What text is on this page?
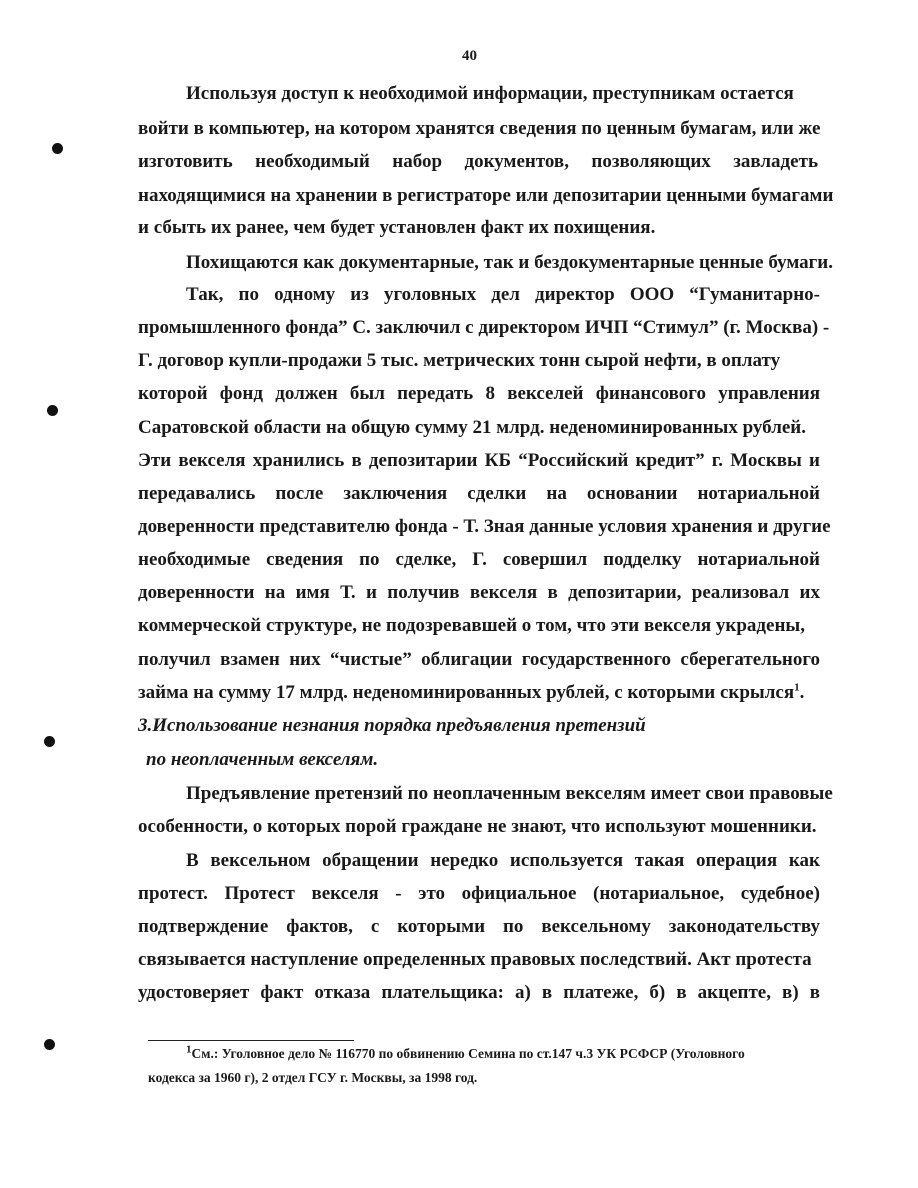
40
Используя доступ к необходимой информации, преступникам остается
войти в компьютер, на котором хранятся сведения по ценным бумагам, или же
изготовить необходимый набор документов, позволяющих завладеть
находящимися на хранении в регистраторе или депозитарии ценными бумагами
и сбыть их ранее, чем будет установлен факт их похищения.
Похищаются как документарные, так и бездокументарные ценные бумаги.
Так, по одному из уголовных дел директор ООО “Гуманитарно-
промышленного фонда” С. заключил с директором ИЧП “Стимул” (г. Москва) -
Г. договор купли-продажи 5 тыс. метрических тонн сырой нефти, в оплату
которой фонд должен был передать 8 векселей финансового управления
Саратовской области на общую сумму 21 млрд. неденоминированных рублей.
Эти векселя хранились в депозитарии КБ “Российский кредит” г. Москвы и
передавались после заключения сделки на основании нотариальной
доверенности представителю фонда - Т. Зная данные условия хранения и другие
необходимые сведения по сделке, Г. совершил подделку нотариальной
доверенности на имя Т. и получив векселя в депозитарии, реализовал их
коммерческой структуре, не подозревавшей о том, что эти векселя украдены,
получил взамен них “чистые” облигации государственного сберегательного
займа на сумму 17 млрд. неденоминированных рублей, с которыми скрылся$^1$.
3.Использование незнания порядка предъявления претензий
по неоплаченным векселям.
Предъявление претензий по неоплаченным векселям имеет свои правовые
особенности, о которых порой граждане не знают, что используют мошенники.
В вексельном обращении нередко используется такая операция как
протест. Протест векселя - это официальное (нотариальное, судебное)
подтверждение фактов, с которыми по вексельному законодательству
связывается наступление определенных правовых последствий. Акт протеста
удостоверяет факт отказа плательщика: а) в платеже, б) в акцепте, в) в
$^1$См.: Уголовное дело № 116770 по обвинению Семина по ст.147 ч.3 УК РСФСР (Уголовного
кодекса за 1960 г), 2 отдел ГСУ г. Москвы, за 1998 год.
